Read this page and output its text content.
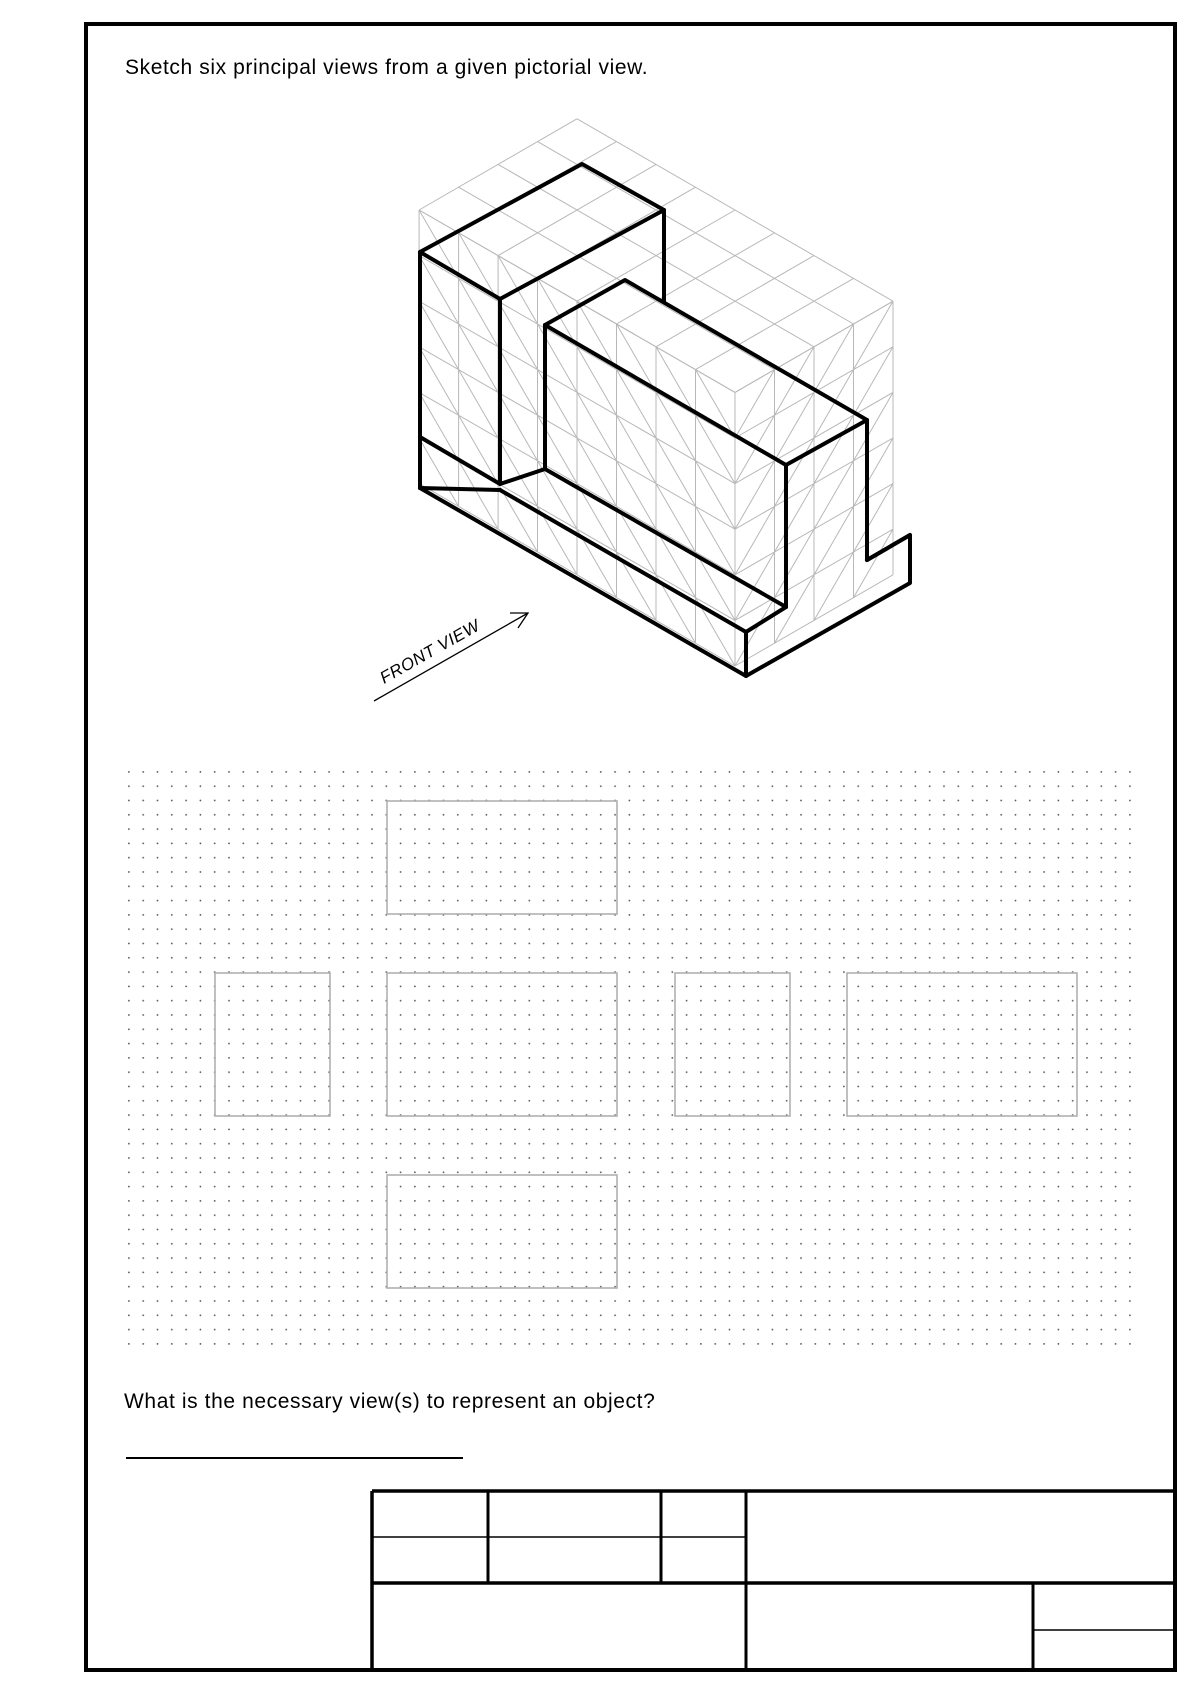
Sketch six principal views from a given pictorial view.
FRONT VIEW
What is the necessary view(s) to represent an object?
